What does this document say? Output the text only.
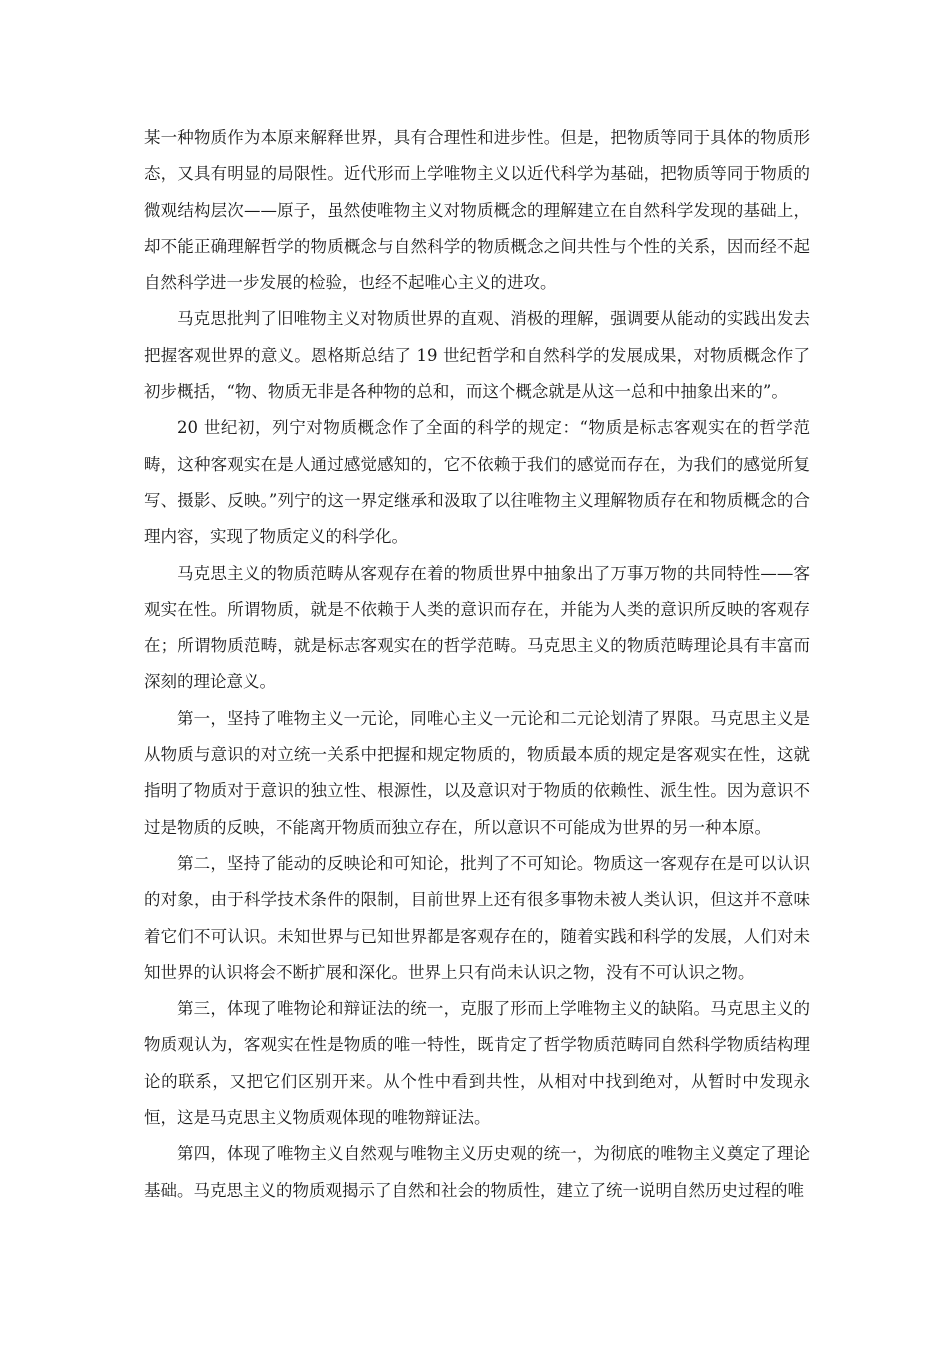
某一种物质作为本原来解释世界，具有合理性和进步性。但是，把物质等同于具体的物质形态，又具有明显的局限性。近代形而上学唯物主义以近代科学为基础，把物质等同于物质的微观结构层次——原子，虽然使唯物主义对物质概念的理解建立在自然科学发现的基础上，却不能正确理解哲学的物质概念与自然科学的物质概念之间共性与个性的关系，因而经不起自然科学进一步发展的检验，也经不起唯心主义的进攻。

马克思批判了旧唯物主义对物质世界的直观、消极的理解，强调要从能动的实践出发去把握客观世界的意义。恩格斯总结了 19 世纪哲学和自然科学的发展成果，对物质概念作了初步概括，“物、物质无非是各种物的总和，而这个概念就是从这一总和中抽象出来的”。

20 世纪初，列宁对物质概念作了全面的科学的规定：“物质是标志客观实在的哲学范畴，这种客观实在是人通过感觉感知的，它不依赖于我们的感觉而存在，为我们的感觉所复写、摄影、反映。”列宁的这一界定继承和汲取了以往唯物主义理解物质存在和物质概念的合理内容，实现了物质定义的科学化。

马克思主义的物质范畴从客观存在着的物质世界中抽象出了万事万物的共同特性——客观实在性。所谓物质，就是不依赖于人类的意识而存在，并能为人类的意识所反映的客观存在；所谓物质范畴，就是标志客观实在的哲学范畴。马克思主义的物质范畴理论具有丰富而深刻的理论意义。

第一，坚持了唯物主义一元论，同唯心主义一元论和二元论划清了界限。马克思主义是从物质与意识的对立统一关系中把握和规定物质的，物质最本质的规定是客观实在性，这就指明了物质对于意识的独立性、根源性，以及意识对于物质的依赖性、派生性。因为意识不过是物质的反映，不能离开物质而独立存在，所以意识不可能成为世界的另一种本原。

第二，坚持了能动的反映论和可知论，批判了不可知论。物质这一客观存在是可以认识的对象，由于科学技术条件的限制，目前世界上还有很多事物未被人类认识，但这并不意味着它们不可认识。未知世界与已知世界都是客观存在的，随着实践和科学的发展，人们对未知世界的认识将会不断扩展和深化。世界上只有尚未认识之物，没有不可认识之物。

第三，体现了唯物论和辩证法的统一，克服了形而上学唯物主义的缺陷。马克思主义的物质观认为，客观实在性是物质的唯一特性，既肯定了哲学物质范畴同自然科学物质结构理论的联系，又把它们区别开来。从个性中看到共性，从相对中找到绝对，从暂时中发现永恒，这是马克思主义物质观体现的唯物辩证法。

第四，体现了唯物主义自然观与唯物主义历史观的统一，为彻底的唯物主义奠定了理论基础。马克思主义的物质观揭示了自然和社会的物质性，建立了统一说明自然历史过程的唯
